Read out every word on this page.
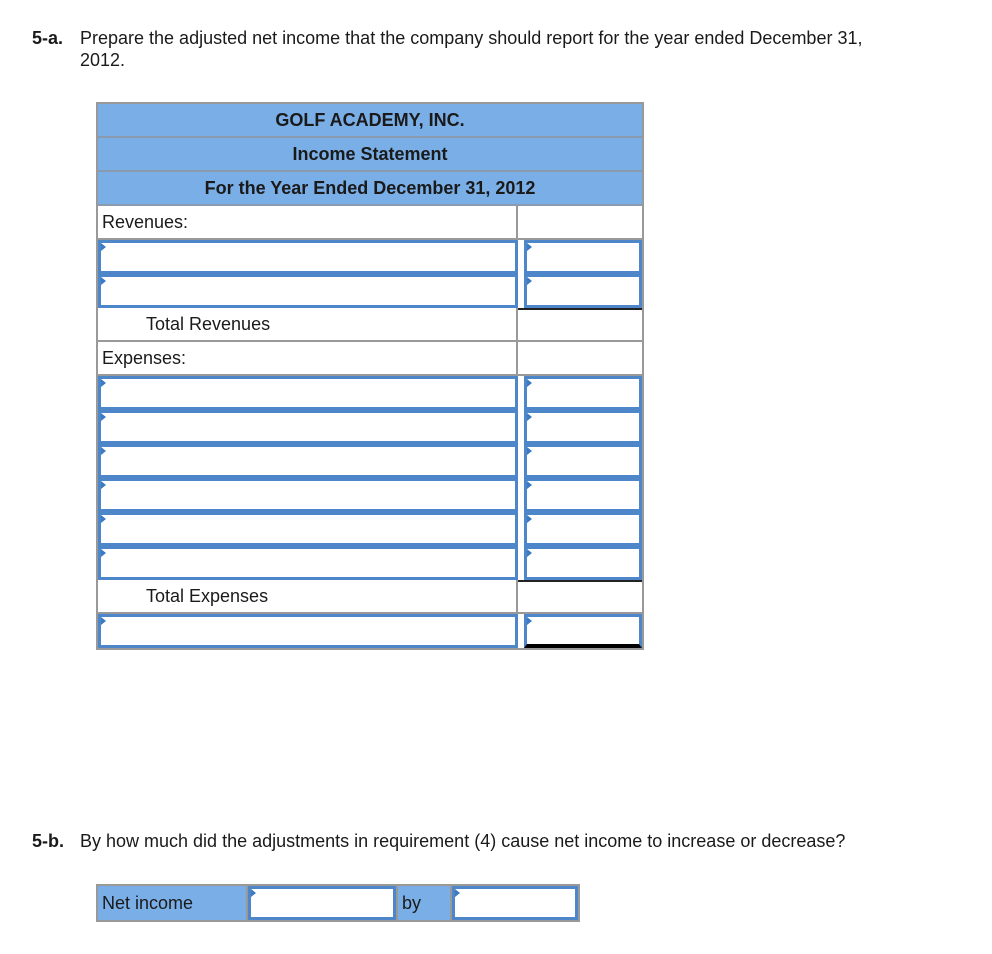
5-a. Prepare the adjusted net income that the company should report for the year ended December 31,
2012.
GOLF ACADEMY, INC.
Income Statement
For the Year Ended December 31, 2012
Revenues:
Total Revenues
Expenses:
Total Expenses
5-b. By how much did the adjustments in requirement (4) cause net income to increase or decrease?
Net income	by
